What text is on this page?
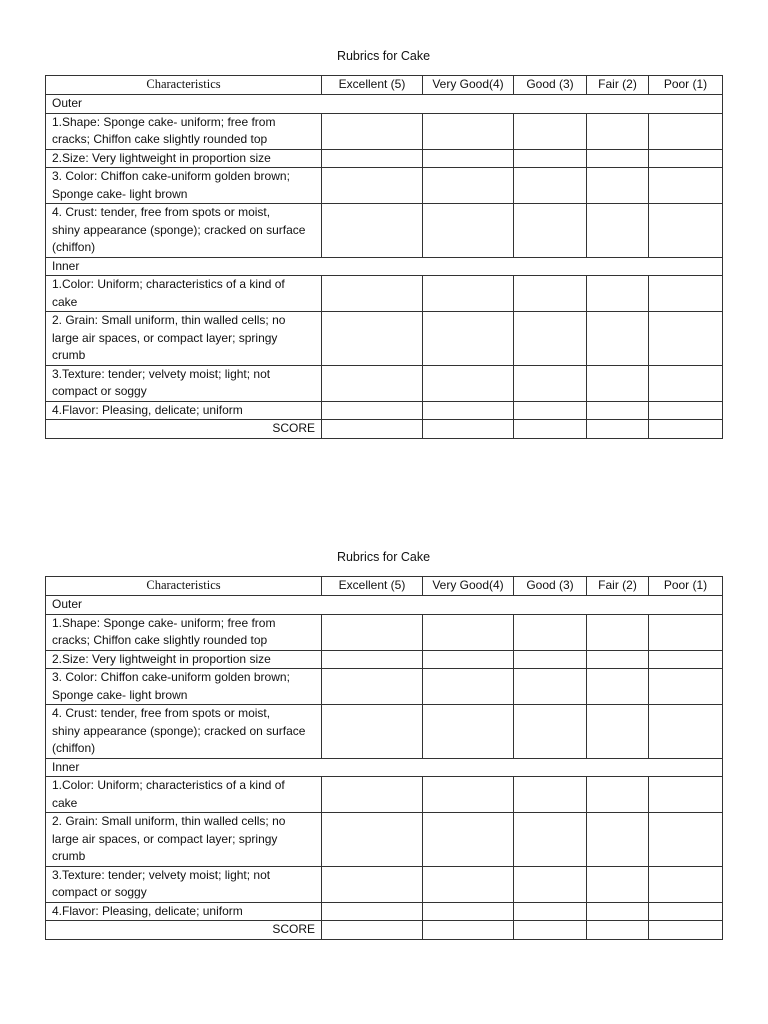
Rubrics for Cake
Characteristics	Excellent (5)	Very Good(4)	Good (3)	Fair (2)	Poor (1)
Outer					

1.Shape: Sponge cake- uniform; free from
cracks; Chiffon cake slightly rounded top					

2.Size: Very lightweight in proportion size					

3. Color: Chiffon cake-uniform golden brown;
Sponge cake- light brown					

4. Crust: tender, free from spots or moist,
shiny appearance (sponge); cracked on surface
(chiffon)					

Inner					

1.Color: Uniform; characteristics of a kind of
cake					

2. Grain: Small uniform, thin walled cells; no
large air spaces, or compact layer; springy
crumb					

3.Texture: tender; velvety moist; light; not
compact or soggy					

4.Flavor: Pleasing, delicate; uniform					

SCORE					
Rubrics for Cake
Characteristics	Excellent (5)	Very Good(4)	Good (3)	Fair (2)	Poor (1)
Outer					

1.Shape: Sponge cake- uniform; free from
cracks; Chiffon cake slightly rounded top					

2.Size: Very lightweight in proportion size					

3. Color: Chiffon cake-uniform golden brown;
Sponge cake- light brown					

4. Crust: tender, free from spots or moist,
shiny appearance (sponge); cracked on surface
(chiffon)					

Inner					

1.Color: Uniform; characteristics of a kind of
cake					

2. Grain: Small uniform, thin walled cells; no
large air spaces, or compact layer; springy
crumb					

3.Texture: tender; velvety moist; light; not
compact or soggy					

4.Flavor: Pleasing, delicate; uniform					

SCORE					
